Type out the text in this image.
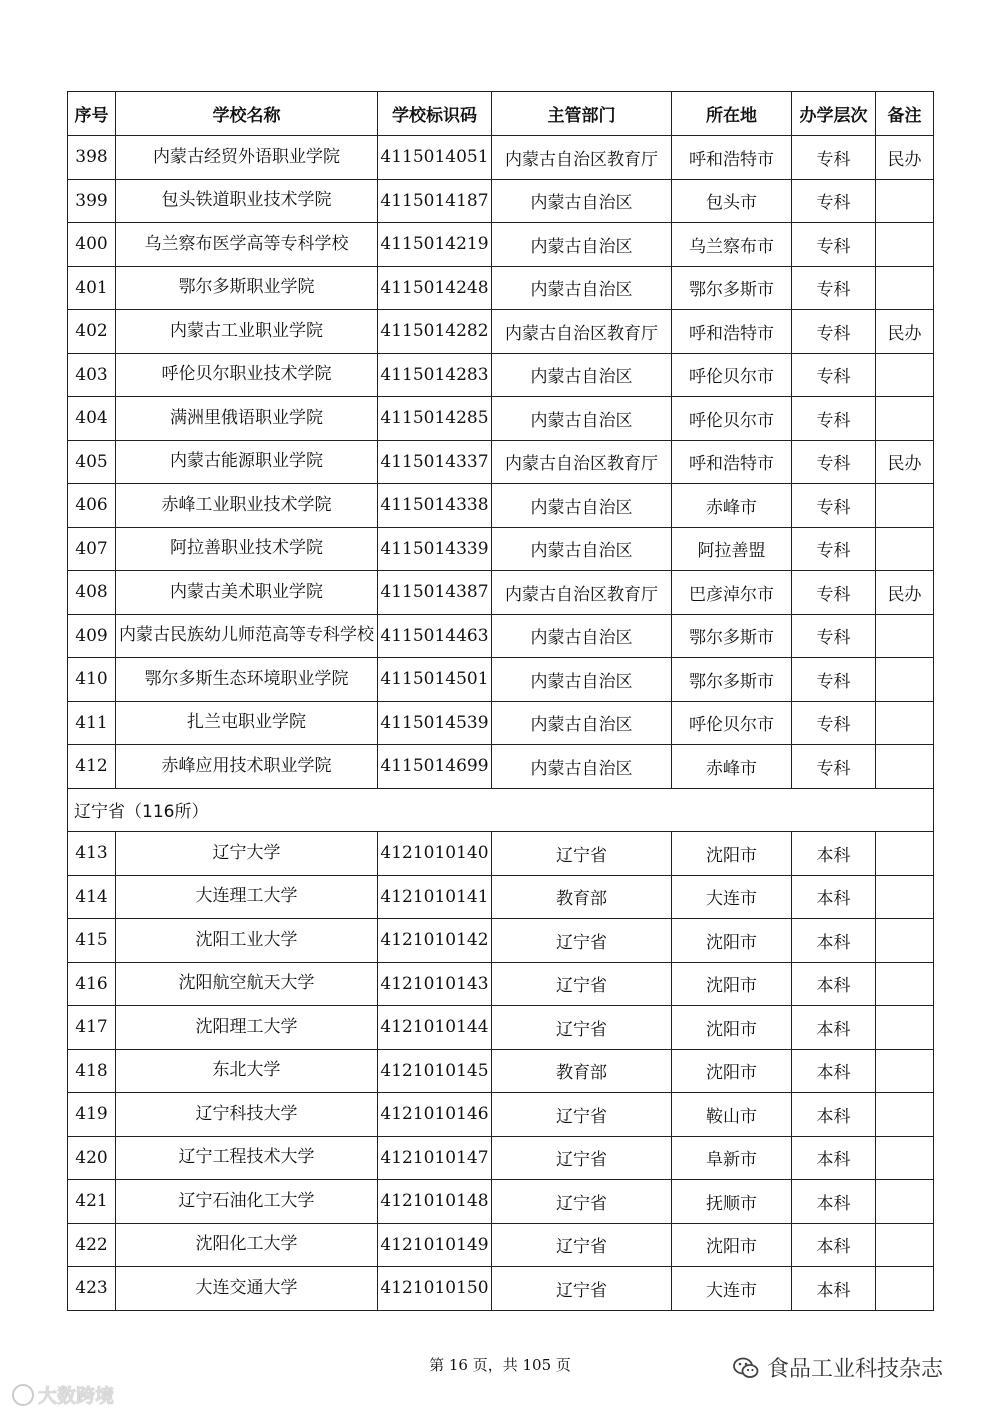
序号	学校名称	学校标识码	主管部门	所在地	办学层次	备注
398	内蒙古经贸外语职业学院	4115014051	内蒙古自治区教育厅	呼和浩特市	专科	民办
399	包头铁道职业技术学院	4115014187	内蒙古自治区	包头市	专科	
400	乌兰察布医学高等专科学校	4115014219	内蒙古自治区	乌兰察布市	专科	
401	鄂尔多斯职业学院	4115014248	内蒙古自治区	鄂尔多斯市	专科	
402	内蒙古工业职业学院	4115014282	内蒙古自治区教育厅	呼和浩特市	专科	民办
403	呼伦贝尔职业技术学院	4115014283	内蒙古自治区	呼伦贝尔市	专科	
404	满洲里俄语职业学院	4115014285	内蒙古自治区	呼伦贝尔市	专科	
405	内蒙古能源职业学院	4115014337	内蒙古自治区教育厅	呼和浩特市	专科	民办
406	赤峰工业职业技术学院	4115014338	内蒙古自治区	赤峰市	专科	
407	阿拉善职业技术学院	4115014339	内蒙古自治区	阿拉善盟	专科	
408	内蒙古美术职业学院	4115014387	内蒙古自治区教育厅	巴彦淖尔市	专科	民办
409	内蒙古民族幼儿师范高等专科学校	4115014463	内蒙古自治区	鄂尔多斯市	专科	
410	鄂尔多斯生态环境职业学院	4115014501	内蒙古自治区	鄂尔多斯市	专科	
411	扎兰屯职业学院	4115014539	内蒙古自治区	呼伦贝尔市	专科	
412	赤峰应用技术职业学院	4115014699	内蒙古自治区	赤峰市	专科	
辽宁省（116所）						
413	辽宁大学	4121010140	辽宁省	沈阳市	本科	
414	大连理工大学	4121010141	教育部	大连市	本科	
415	沈阳工业大学	4121010142	辽宁省	沈阳市	本科	
416	沈阳航空航天大学	4121010143	辽宁省	沈阳市	本科	
417	沈阳理工大学	4121010144	辽宁省	沈阳市	本科	
418	东北大学	4121010145	教育部	沈阳市	本科	
419	辽宁科技大学	4121010146	辽宁省	鞍山市	本科	
420	辽宁工程技术大学	4121010147	辽宁省	阜新市	本科	
421	辽宁石油化工大学	4121010148	辽宁省	抚顺市	本科	
422	沈阳化工大学	4121010149	辽宁省	沈阳市	本科	
423	大连交通大学	4121010150	辽宁省	大连市	本科	
第 16 页，共 105 页
大数跨境
食品工业科技杂志
